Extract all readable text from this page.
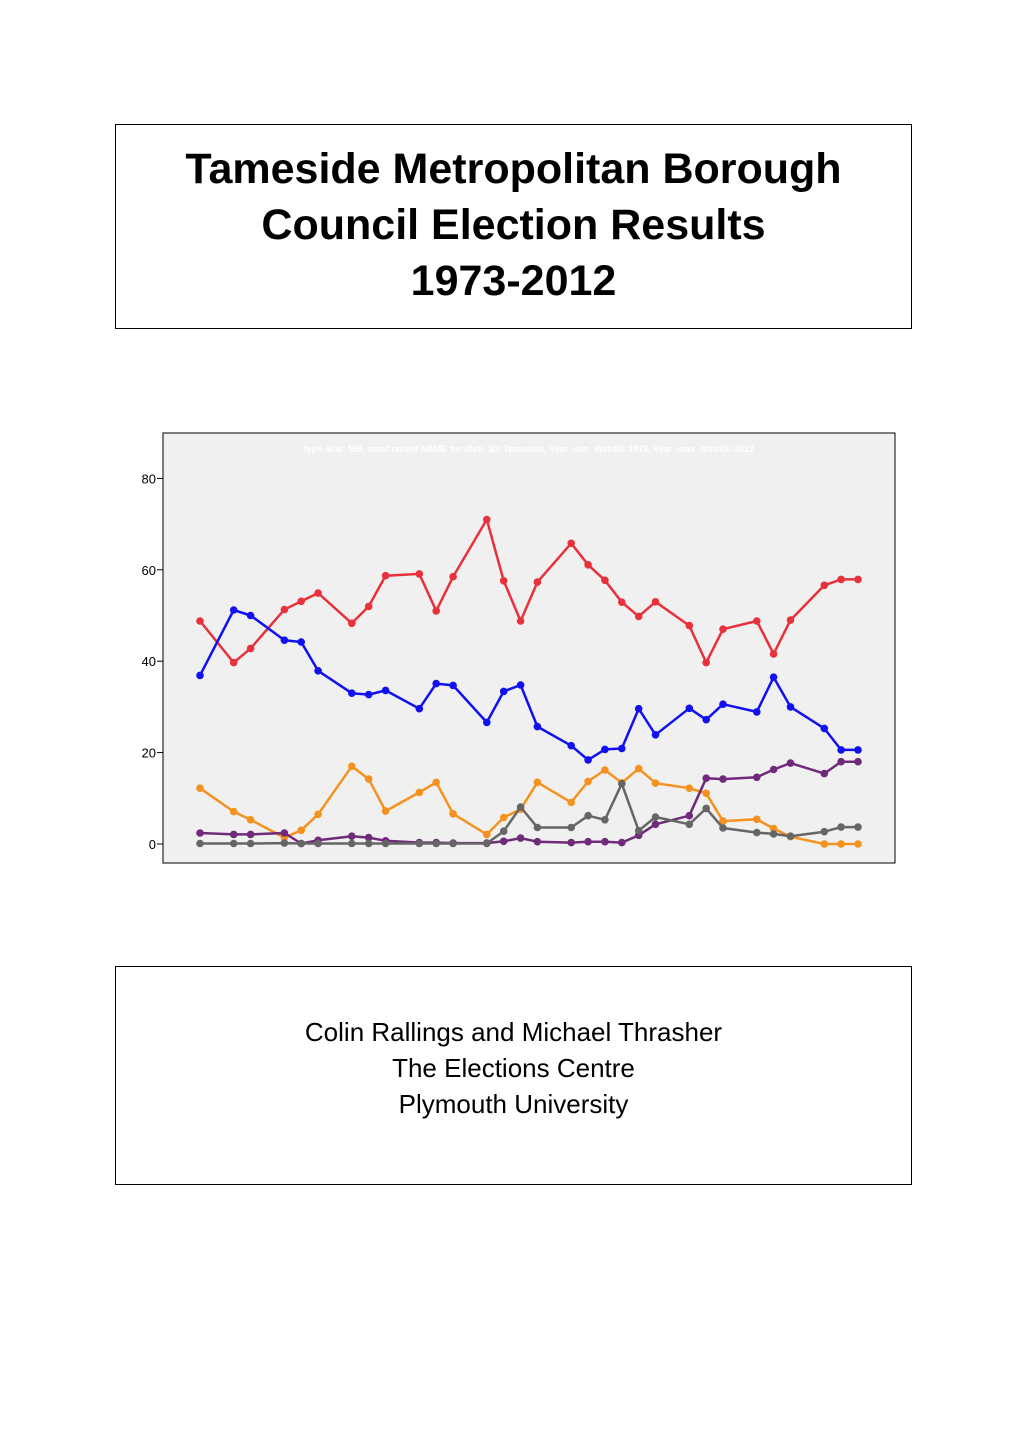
Tameside Metropolitan Borough
Council Election Results
1973-2012
type 4cat: MB, most recent NAME for distr_ID: Tameside, Year_min_distrID: 1973, Year_max_distrID: 2012
0
20
40
60
80
Colin Rallings and Michael Thrasher
The Elections Centre
Plymouth University
